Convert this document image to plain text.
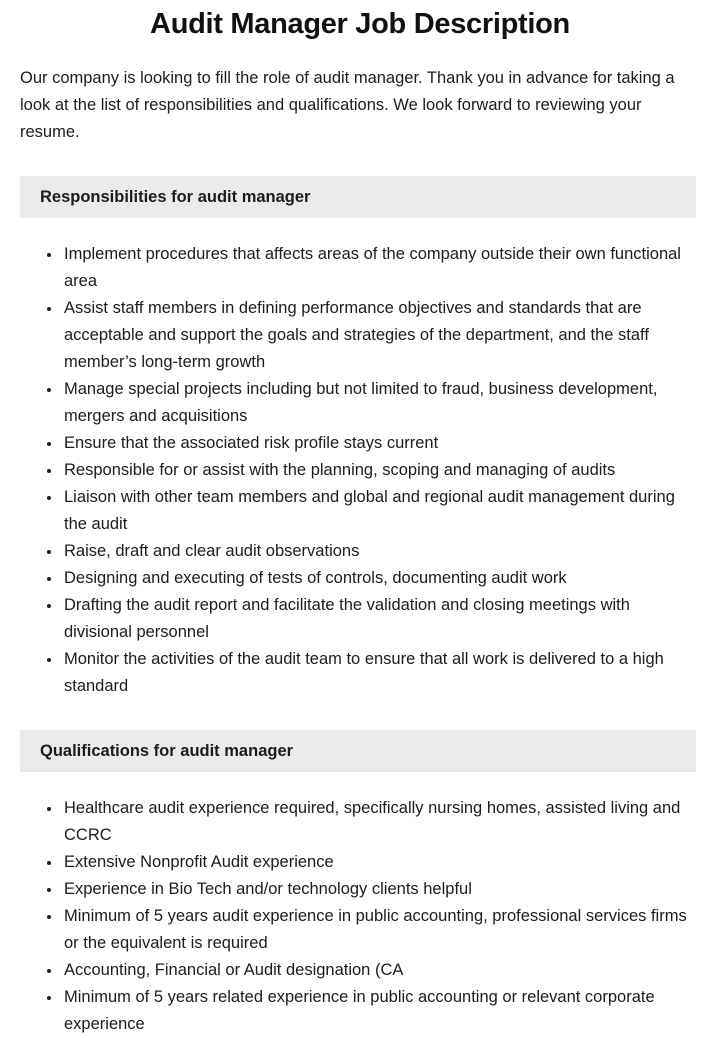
Audit Manager Job Description

Our company is looking to fill the role of audit manager. Thank you in advance for taking a look at the list of responsibilities and qualifications. We look forward to reviewing your resume.

Responsibilities for audit manager
• Implement procedures that affects areas of the company outside their own functional area
• Assist staff members in defining performance objectives and standards that are acceptable and support the goals and strategies of the department, and the staff member’s long-term growth
• Manage special projects including but not limited to fraud, business development, mergers and acquisitions
• Ensure that the associated risk profile stays current
• Responsible for or assist with the planning, scoping and managing of audits
• Liaison with other team members and global and regional audit management during the audit
• Raise, draft and clear audit observations
• Designing and executing of tests of controls, documenting audit work
• Drafting the audit report and facilitate the validation and closing meetings with divisional personnel
• Monitor the activities of the audit team to ensure that all work is delivered to a high standard
Qualifications for audit manager
• Healthcare audit experience required, specifically nursing homes, assisted living and CCRC
• Extensive Nonprofit Audit experience
• Experience in Bio Tech and/or technology clients helpful
• Minimum of 5 years audit experience in public accounting, professional services firms or the equivalent is required
• Accounting, Financial or Audit designation (CA
• Minimum of 5 years related experience in public accounting or relevant corporate experience
